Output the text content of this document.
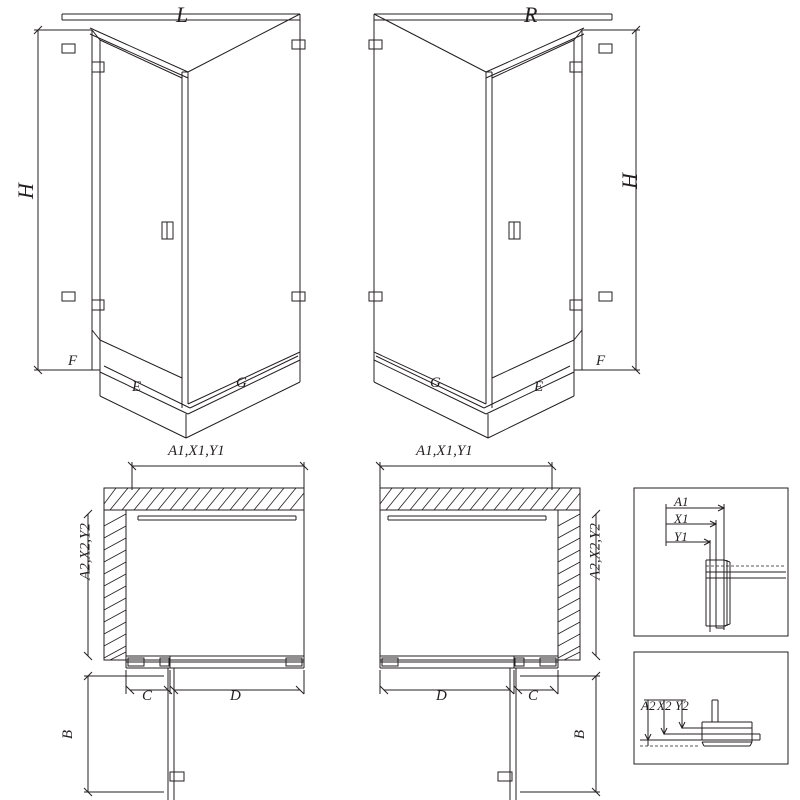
L	R
H
H
F
E	G	G	E
F
A1,X1,Y1	A1,X1,Y1
A2,X2,Y2	A2,X2,Y2
C	D	D	C
B	B
A1
X1
Y1
A2 X2 Y2
